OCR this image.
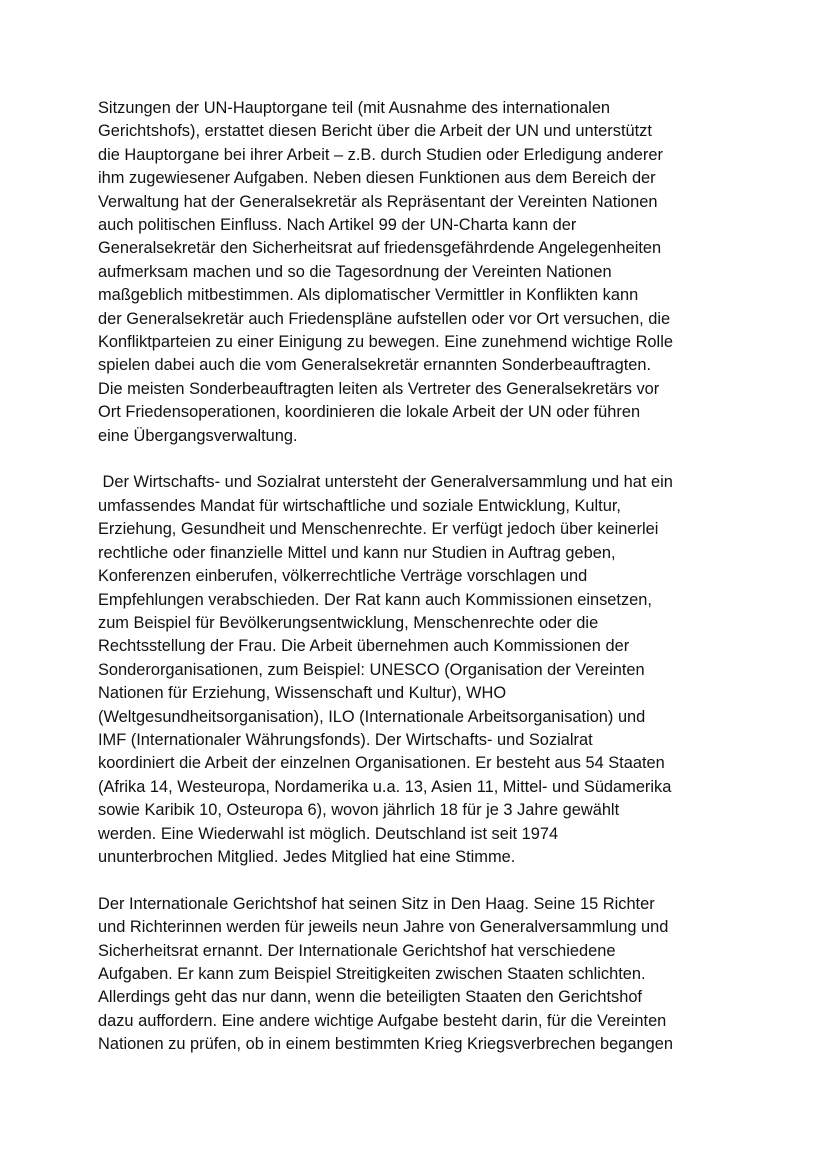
Sitzungen der UN-Hauptorgane teil (mit Ausnahme des internationalen
Gerichtshofs), erstattet diesen Bericht über die Arbeit der UN und unterstützt
die Hauptorgane bei ihrer Arbeit – z.B. durch Studien oder Erledigung anderer
ihm zugewiesener Aufgaben. Neben diesen Funktionen aus dem Bereich der
Verwaltung hat der Generalsekretär als Repräsentant der Vereinten Nationen
auch politischen Einfluss. Nach Artikel 99 der UN-Charta kann der
Generalsekretär den Sicherheitsrat auf friedensgefährdende Angelegenheiten
aufmerksam machen und so die Tagesordnung der Vereinten Nationen
maßgeblich mitbestimmen. Als diplomatischer Vermittler in Konflikten kann
der Generalsekretär auch Friedenspläne aufstellen oder vor Ort versuchen, die
Konfliktparteien zu einer Einigung zu bewegen. Eine zunehmend wichtige Rolle
spielen dabei auch die vom Generalsekretär ernannten Sonderbeauftragten.
Die meisten Sonderbeauftragten leiten als Vertreter des Generalsekretärs vor
Ort Friedensoperationen, koordinieren die lokale Arbeit der UN oder führen
eine Übergangsverwaltung.
Der Wirtschafts- und Sozialrat untersteht der Generalversammlung und hat ein
umfassendes Mandat für wirtschaftliche und soziale Entwicklung, Kultur,
Erziehung, Gesundheit und Menschenrechte. Er verfügt jedoch über keinerlei
rechtliche oder finanzielle Mittel und kann nur Studien in Auftrag geben,
Konferenzen einberufen, völkerrechtliche Verträge vorschlagen und
Empfehlungen verabschieden. Der Rat kann auch Kommissionen einsetzen,
zum Beispiel für Bevölkerungsentwicklung, Menschenrechte oder die
Rechtsstellung der Frau. Die Arbeit übernehmen auch Kommissionen der
Sonderorganisationen, zum Beispiel: UNESCO (Organisation der Vereinten
Nationen für Erziehung, Wissenschaft und Kultur), WHO
(Weltgesundheitsorganisation), ILO (Internationale Arbeitsorganisation) und
IMF (Internationaler Währungsfonds). Der Wirtschafts- und Sozialrat
koordiniert die Arbeit der einzelnen Organisationen. Er besteht aus 54 Staaten
(Afrika 14, Westeuropa, Nordamerika u.a. 13, Asien 11, Mittel- und Südamerika
sowie Karibik 10, Osteuropa 6), wovon jährlich 18 für je 3 Jahre gewählt
werden. Eine Wiederwahl ist möglich. Deutschland ist seit 1974
ununterbrochen Mitglied. Jedes Mitglied hat eine Stimme.
Der Internationale Gerichtshof hat seinen Sitz in Den Haag. Seine 15 Richter
und Richterinnen werden für jeweils neun Jahre von Generalversammlung und
Sicherheitsrat ernannt. Der Internationale Gerichtshof hat verschiedene
Aufgaben. Er kann zum Beispiel Streitigkeiten zwischen Staaten schlichten.
Allerdings geht das nur dann, wenn die beteiligten Staaten den Gerichtshof
dazu auffordern. Eine andere wichtige Aufgabe besteht darin, für die Vereinten
Nationen zu prüfen, ob in einem bestimmten Krieg Kriegsverbrechen begangen
